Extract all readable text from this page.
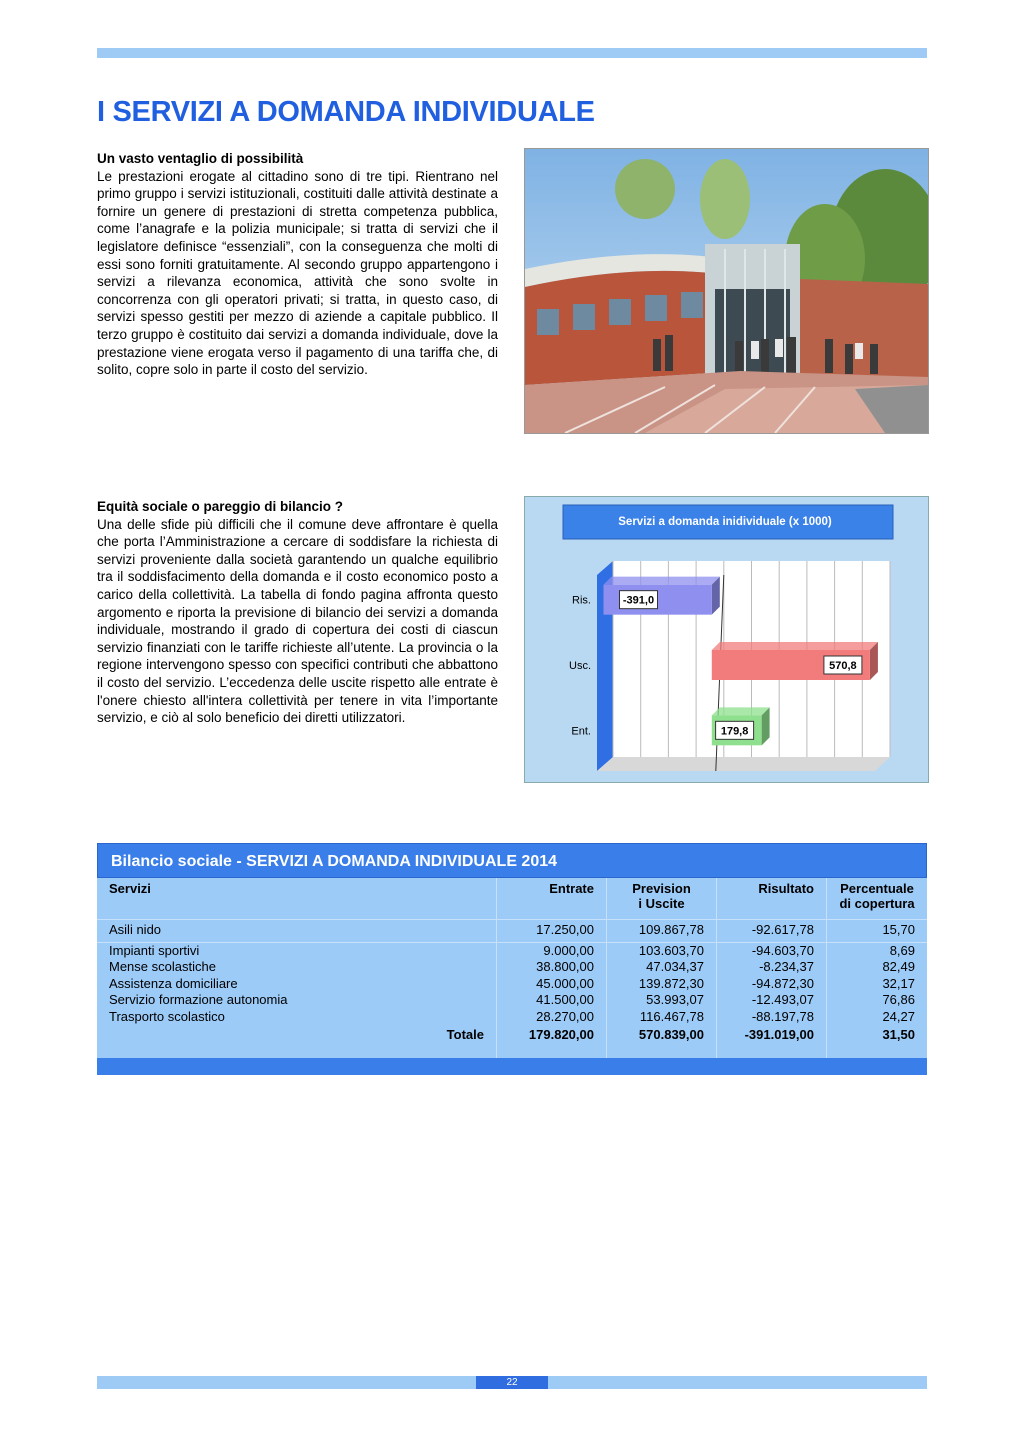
I SERVIZI A DOMANDA INDIVIDUALE
Un vasto ventaglio di possibilità

Le prestazioni erogate al cittadino sono di tre tipi. Rientrano nel primo gruppo i servizi istituzionali, costituiti dalle attività destinate a fornire un genere di prestazioni di stretta competenza pubblica, come l’anagrafe e la polizia municipale; si tratta di servizi che il legislatore definisce “essenziali”, con la conseguenza che molti di essi sono forniti gratuitamente. Al secondo gruppo appartengono i servizi a rilevanza economica, attività che sono svolte in concorrenza con gli operatori privati; si tratta, in questo caso, di servizi spesso gestiti per mezzo di aziende a capitale pubblico. Il terzo gruppo è costituito dai servizi a domanda individuale, dove la prestazione viene erogata verso il pagamento di una tariffa che, di solito, copre solo in parte il costo del servizio.

Equità sociale o pareggio di bilancio ?

Una delle sfide più difficili che il comune deve affrontare è quella che porta l’Amministrazione a cercare di soddisfare la richiesta di servizi proveniente dalla società garantendo un qualche equilibrio tra il soddisfacimento della domanda e il costo economico posto a carico della collettività. La tabella di fondo pagina affronta questo argomento e riporta la previsione di bilancio dei servizi a domanda individuale, mostrando il grado di copertura dei costi di ciascun servizio finanziati con le tariffe richieste all’utente. La provincia o la regione intervengono spesso con specifici contributi che abbattono il costo del servizio. L’eccedenza delle uscite rispetto alle entrate è l'onere chiesto all'intera collettività per tenere in vita l’importante servizio, e ciò al solo beneficio dei diretti utilizzatori.

Servizi a domanda inidividuale (x 1000)
-391,0
Ris.
570,8
Usc.
179,8
Ent.
Bilancio sociale - SERVIZI A DOMANDA INDIVIDUALE 2014
Servizi	Entrate	Prevision
i Uscite	Risultato	Percentuale
di copertura
Asili nido	17.250,00	109.867,78	-92.617,78	15,70
Impianti sportivi	9.000,00	103.603,70	-94.603,70	8,69
Mense scolastiche	38.800,00	47.034,37	-8.234,37	82,49
Assistenza domiciliare	45.000,00	139.872,30	-94.872,30	32,17
Servizio formazione autonomia	41.500,00	53.993,07	-12.493,07	76,86
Trasporto scolastico	28.270,00	116.467,78	-88.197,78	24,27
Totale	179.820,00	570.839,00	-391.019,00	31,50

22
